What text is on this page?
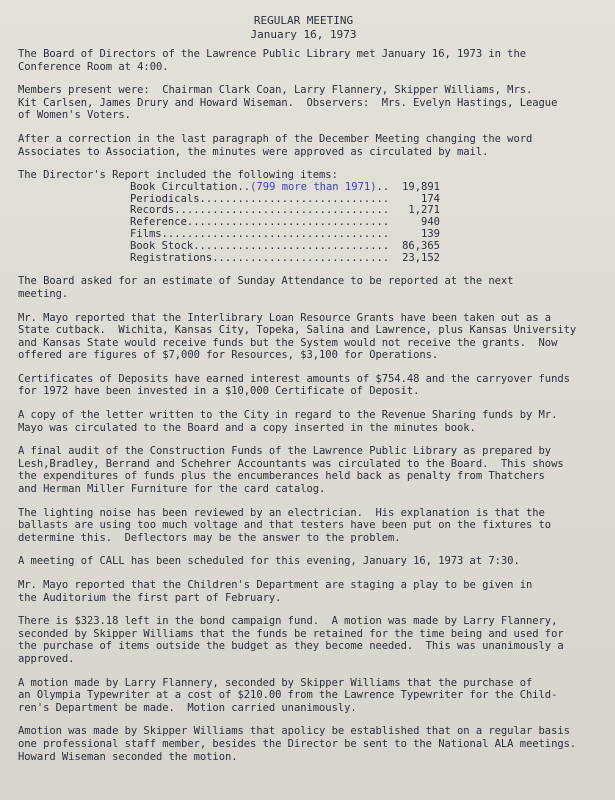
REGULAR MEETING

January 16, 1973

The Board of Directors of the Lawrence Public Library met January 16, 1973 in the

Conference Room at 4:00.

Members present were:  Chairman Clark Coan, Larry Flannery, Skipper Williams, Mrs.

Kit Carlsen, James Drury and Howard Wiseman.  Observers:  Mrs. Evelyn Hastings, League

of Women's Voters.

After a correction in the last paragraph of the December Meeting changing the word

Associates to Association, the minutes were approved as circulated by mail.

The Director's Report included the following items:

Book Circultation.. (799 more than 1971) ..	19,891
Periodicals ..............................	174
Records ..................................	1,271
Reference ................................	940
Films ....................................	139
Book Stock ...............................	86,365
Registrations ............................	23,152

The Board asked for an estimate of Sunday Attendance to be reported at the next

meeting.

Mr. Mayo reported that the Interlibrary Loan Resource Grants have been taken out as a

State cutback.  Wichita, Kansas City, Topeka, Salina and Lawrence, plus Kansas University

and Kansas State would receive funds but the System would not receive the grants.  Now

offered are figures of $7,000 for Resources, $3,100 for Operations.

Certificates of Deposits have earned interest amounts of $754.48 and the carryover funds

for 1972 have been invested in a $10,000 Certificate of Deposit.

A copy of the letter written to the City in regard to the Revenue Sharing funds by Mr.

Mayo was circulated to the Board and a copy inserted in the minutes book.

A final audit of the Construction Funds of the Lawrence Public Library as prepared by

Lesh,Bradley, Berrand and Schehrer Accountants was circulated to the Board.  This shows

the expenditures of funds plus the encumberances held back as penalty from Thatchers

and Herman Miller Furniture for the card catalog.

The lighting noise has been reviewed by an electrician.  His explanation is that the

ballasts are using too much voltage and that testers have been put on the fixtures to

determine this.  Deflectors may be the answer to the problem.

A meeting of CALL has been scheduled for this evening, January 16, 1973 at 7:30.

Mr. Mayo reported that the Children's Department are staging a play to be given in

the Auditorium the first part of February.

There is $323.18 left in the bond campaign fund.  A motion was made by Larry Flannery,

seconded by Skipper Williams that the funds be retained for the time being and used for

the purchase of items outside the budget as they become needed.  This was unanimously a

approved.

A motion made by Larry Flannery, seconded by Skipper Williams that the purchase of

an Olympia Typewriter at a cost of $210.00 from the Lawrence Typewriter for the Child-

ren's Department be made.  Motion carried unanimously.

Amotion was made by Skipper Williams that apolicy be established that on a regular basis

one professional staff member, besides the Director be sent to the National ALA meetings.

Howard Wiseman seconded the motion.
